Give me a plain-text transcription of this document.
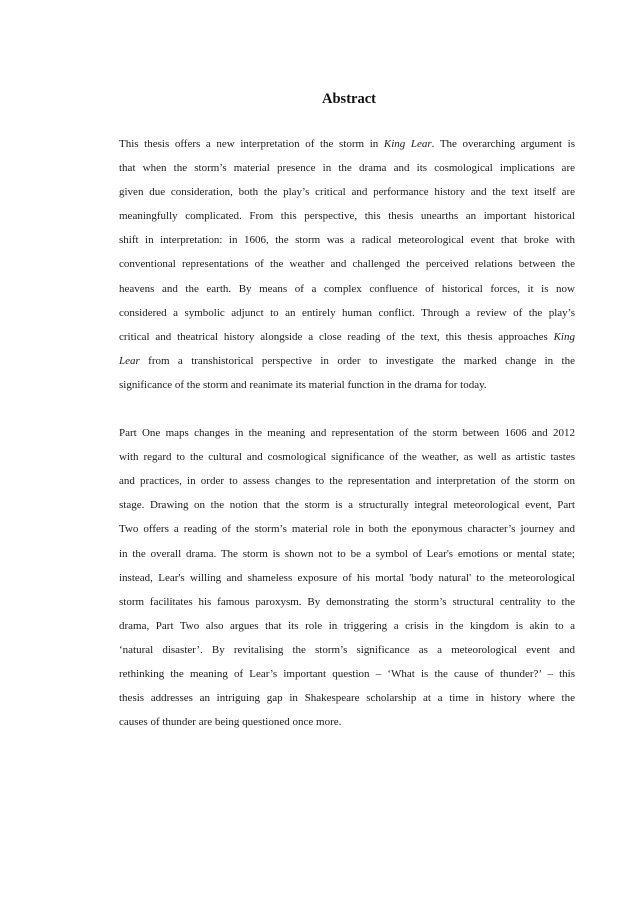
Abstract

This thesis offers a new interpretation of the storm in King Lear. The overarching argument is
that when the storm’s material presence in the drama and its cosmological implications are
given due consideration, both the play’s critical and performance history and the text itself are
meaningfully complicated. From this perspective, this thesis unearths an important historical
shift in interpretation: in 1606, the storm was a radical meteorological event that broke with
conventional representations of the weather and challenged the perceived relations between the
heavens and the earth. By means of a complex confluence of historical forces, it is now
considered a symbolic adjunct to an entirely human conflict. Through a review of the play’s
critical and theatrical history alongside a close reading of the text, this thesis approaches King
Lear from a transhistorical perspective in order to investigate the marked change in the
significance of the storm and reanimate its material function in the drama for today.

Part One maps changes in the meaning and representation of the storm between 1606 and 2012
with regard to the cultural and cosmological significance of the weather, as well as artistic tastes
and practices, in order to assess changes to the representation and interpretation of the storm on
stage. Drawing on the notion that the storm is a structurally integral meteorological event, Part
Two offers a reading of the storm’s material role in both the eponymous character’s journey and
in the overall drama. The storm is shown not to be a symbol of Lear's emotions or mental state;
instead, Lear's willing and shameless exposure of his mortal 'body natural' to the meteorological
storm facilitates his famous paroxysm. By demonstrating the storm’s structural centrality to the
drama, Part Two also argues that its role in triggering a crisis in the kingdom is akin to a
‘natural disaster’. By revitalising the storm’s significance as a meteorological event and
rethinking the meaning of Lear’s important question – ‘What is the cause of thunder?’ – this
thesis addresses an intriguing gap in Shakespeare scholarship at a time in history where the
causes of thunder are being questioned once more.
